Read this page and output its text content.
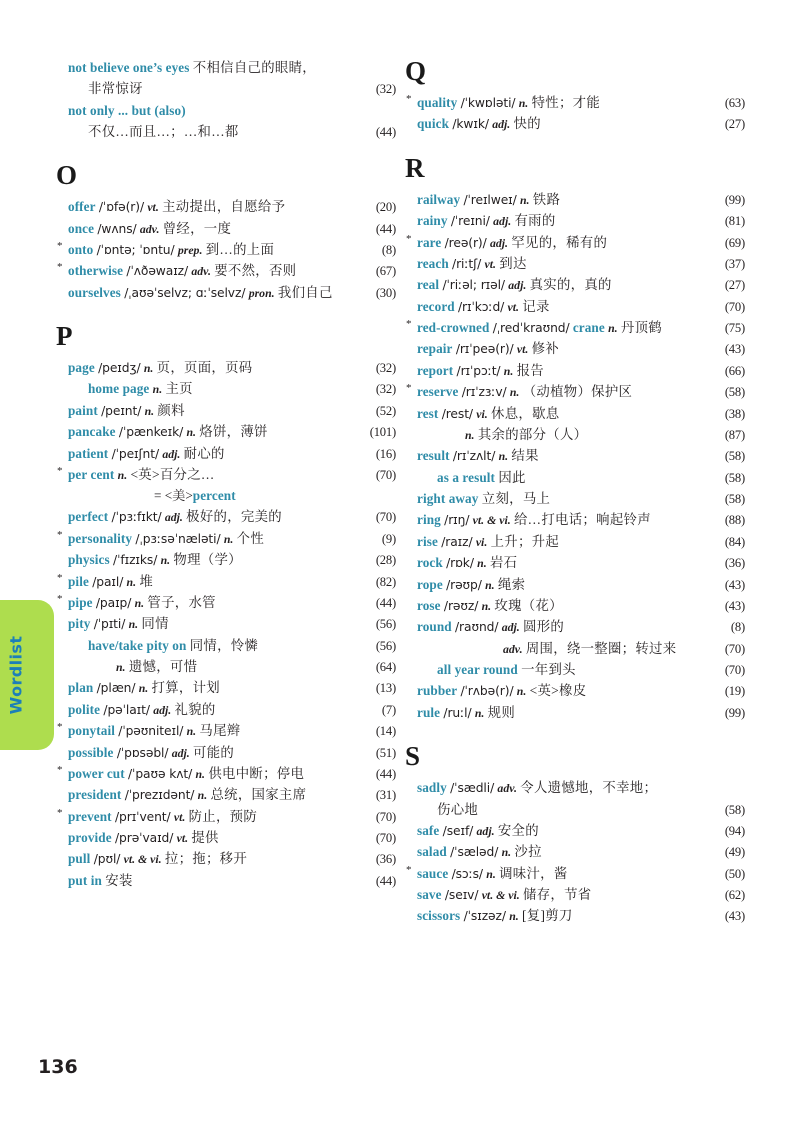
Wordlist
not believe one’s eyes 不相信自己的眼睛，
非常惊讶	(32)
not only ... but (also)
不仅…而且…；…和…都	(44)
O
offer /ˈɒfə(r)/ vt. 主动提出，自愿给予	(20)
once /wʌns/ adv. 曾经，一度	(44)
* onto /ˈɒntə; ˈɒntu/ prep. 到…的上面	(8)
* otherwise /ˈʌðəwaɪz/ adv. 要不然，否则	(67)
ourselves /ˌaʊəˈselvz; ɑːˈselvz/ pron. 我们自己	(30)
P
page /peɪdʒ/ n. 页，页面，页码	(32)
home page n. 主页	(32)
paint /peɪnt/ n. 颜料	(52)
pancake /ˈpænkeɪk/ n. 烙饼，薄饼	(101)
patient /ˈpeɪʃnt/ adj. 耐心的	(16)
* per cent n. <英>百分之…	(70)
= <美>percent
perfect /ˈpɜːfɪkt/ adj. 极好的，完美的	(70)
* personality /ˌpɜːsəˈnæləti/ n. 个性	(9)
physics /ˈfɪzɪks/ n. 物理（学）	(28)
* pile /paɪl/ n. 堆	(82)
* pipe /paɪp/ n. 管子，水管	(44)
pity /ˈpɪti/ n. 同情	(56)
have/take pity on 同情，怜憐	(56)
n. 遗憾，可惜	(64)
plan /plæn/ n. 打算，计划	(13)
polite /pəˈlaɪt/ adj. 礼貌的	(7)
* ponytail /ˈpəʊniteɪl/ n. 马尾辫	(14)
possible /ˈpɒsəbl/ adj. 可能的	(51)
* power cut /ˈpaʊə kʌt/ n. 供电中断；停电	(44)
president /ˈprezɪdənt/ n. 总统，国家主席	(31)
* prevent /prɪˈvent/ vt. 防止，预防	(70)
provide /prəˈvaɪd/ vt. 提供	(70)
pull /pʊl/ vt. & vi. 拉；拖；移开	(36)
put in 安装	(44)
Q
* quality /ˈkwɒləti/ n. 特性；才能	(63)
quick /kwɪk/ adj. 快的	(27)
R
railway /ˈreɪlweɪ/ n. 铁路	(99)
rainy /ˈreɪni/ adj. 有雨的	(81)
* rare /reə(r)/ adj. 罕见的，稀有的	(69)
reach /riːtʃ/ vt. 到达	(37)
real /ˈriːəl; rɪəl/ adj. 真实的，真的	(27)
record /rɪˈkɔːd/ vt. 记录	(70)
* red-crowned /ˌredˈkraʊnd/ crane n. 丹顶鹤	(75)
repair /rɪˈpeə(r)/ vt. 修补	(43)
report /rɪˈpɔːt/ n. 报告	(66)
* reserve /rɪˈzɜːv/ n. （动植物）保护区	(58)
rest /rest/ vi. 休息，歇息	(38)
n. 其余的部分（人）	(87)
result /rɪˈzʌlt/ n. 结果	(58)
as a result 因此	(58)
right away 立刻，马上	(58)
ring /rɪŋ/ vt. & vi. 给…打电话；响起铃声	(88)
rise /raɪz/ vi. 上升；升起	(84)
rock /rɒk/ n. 岩石	(36)
rope /rəʊp/ n. 绳索	(43)
rose /rəʊz/ n. 玫瑰（花）	(43)
round /raʊnd/ adj. 圆形的	(8)
adv. 周围，绕一整圈；转过来	(70)
all year round 一年到头	(70)
rubber /ˈrʌbə(r)/ n. <英>橡皮	(19)
rule /ruːl/ n. 规则	(99)
S
sadly /ˈsædli/ adv. 令人遗憾地，不幸地；
伤心地	(58)
safe /seɪf/ adj. 安全的	(94)
salad /ˈsæləd/ n. 沙拉	(49)
* sauce /sɔːs/ n. 调味汁，酱	(50)
save /seɪv/ vt. & vi. 储存，节省	(62)
scissors /ˈsɪzəz/ n. [复]剪刀	(43)
136
